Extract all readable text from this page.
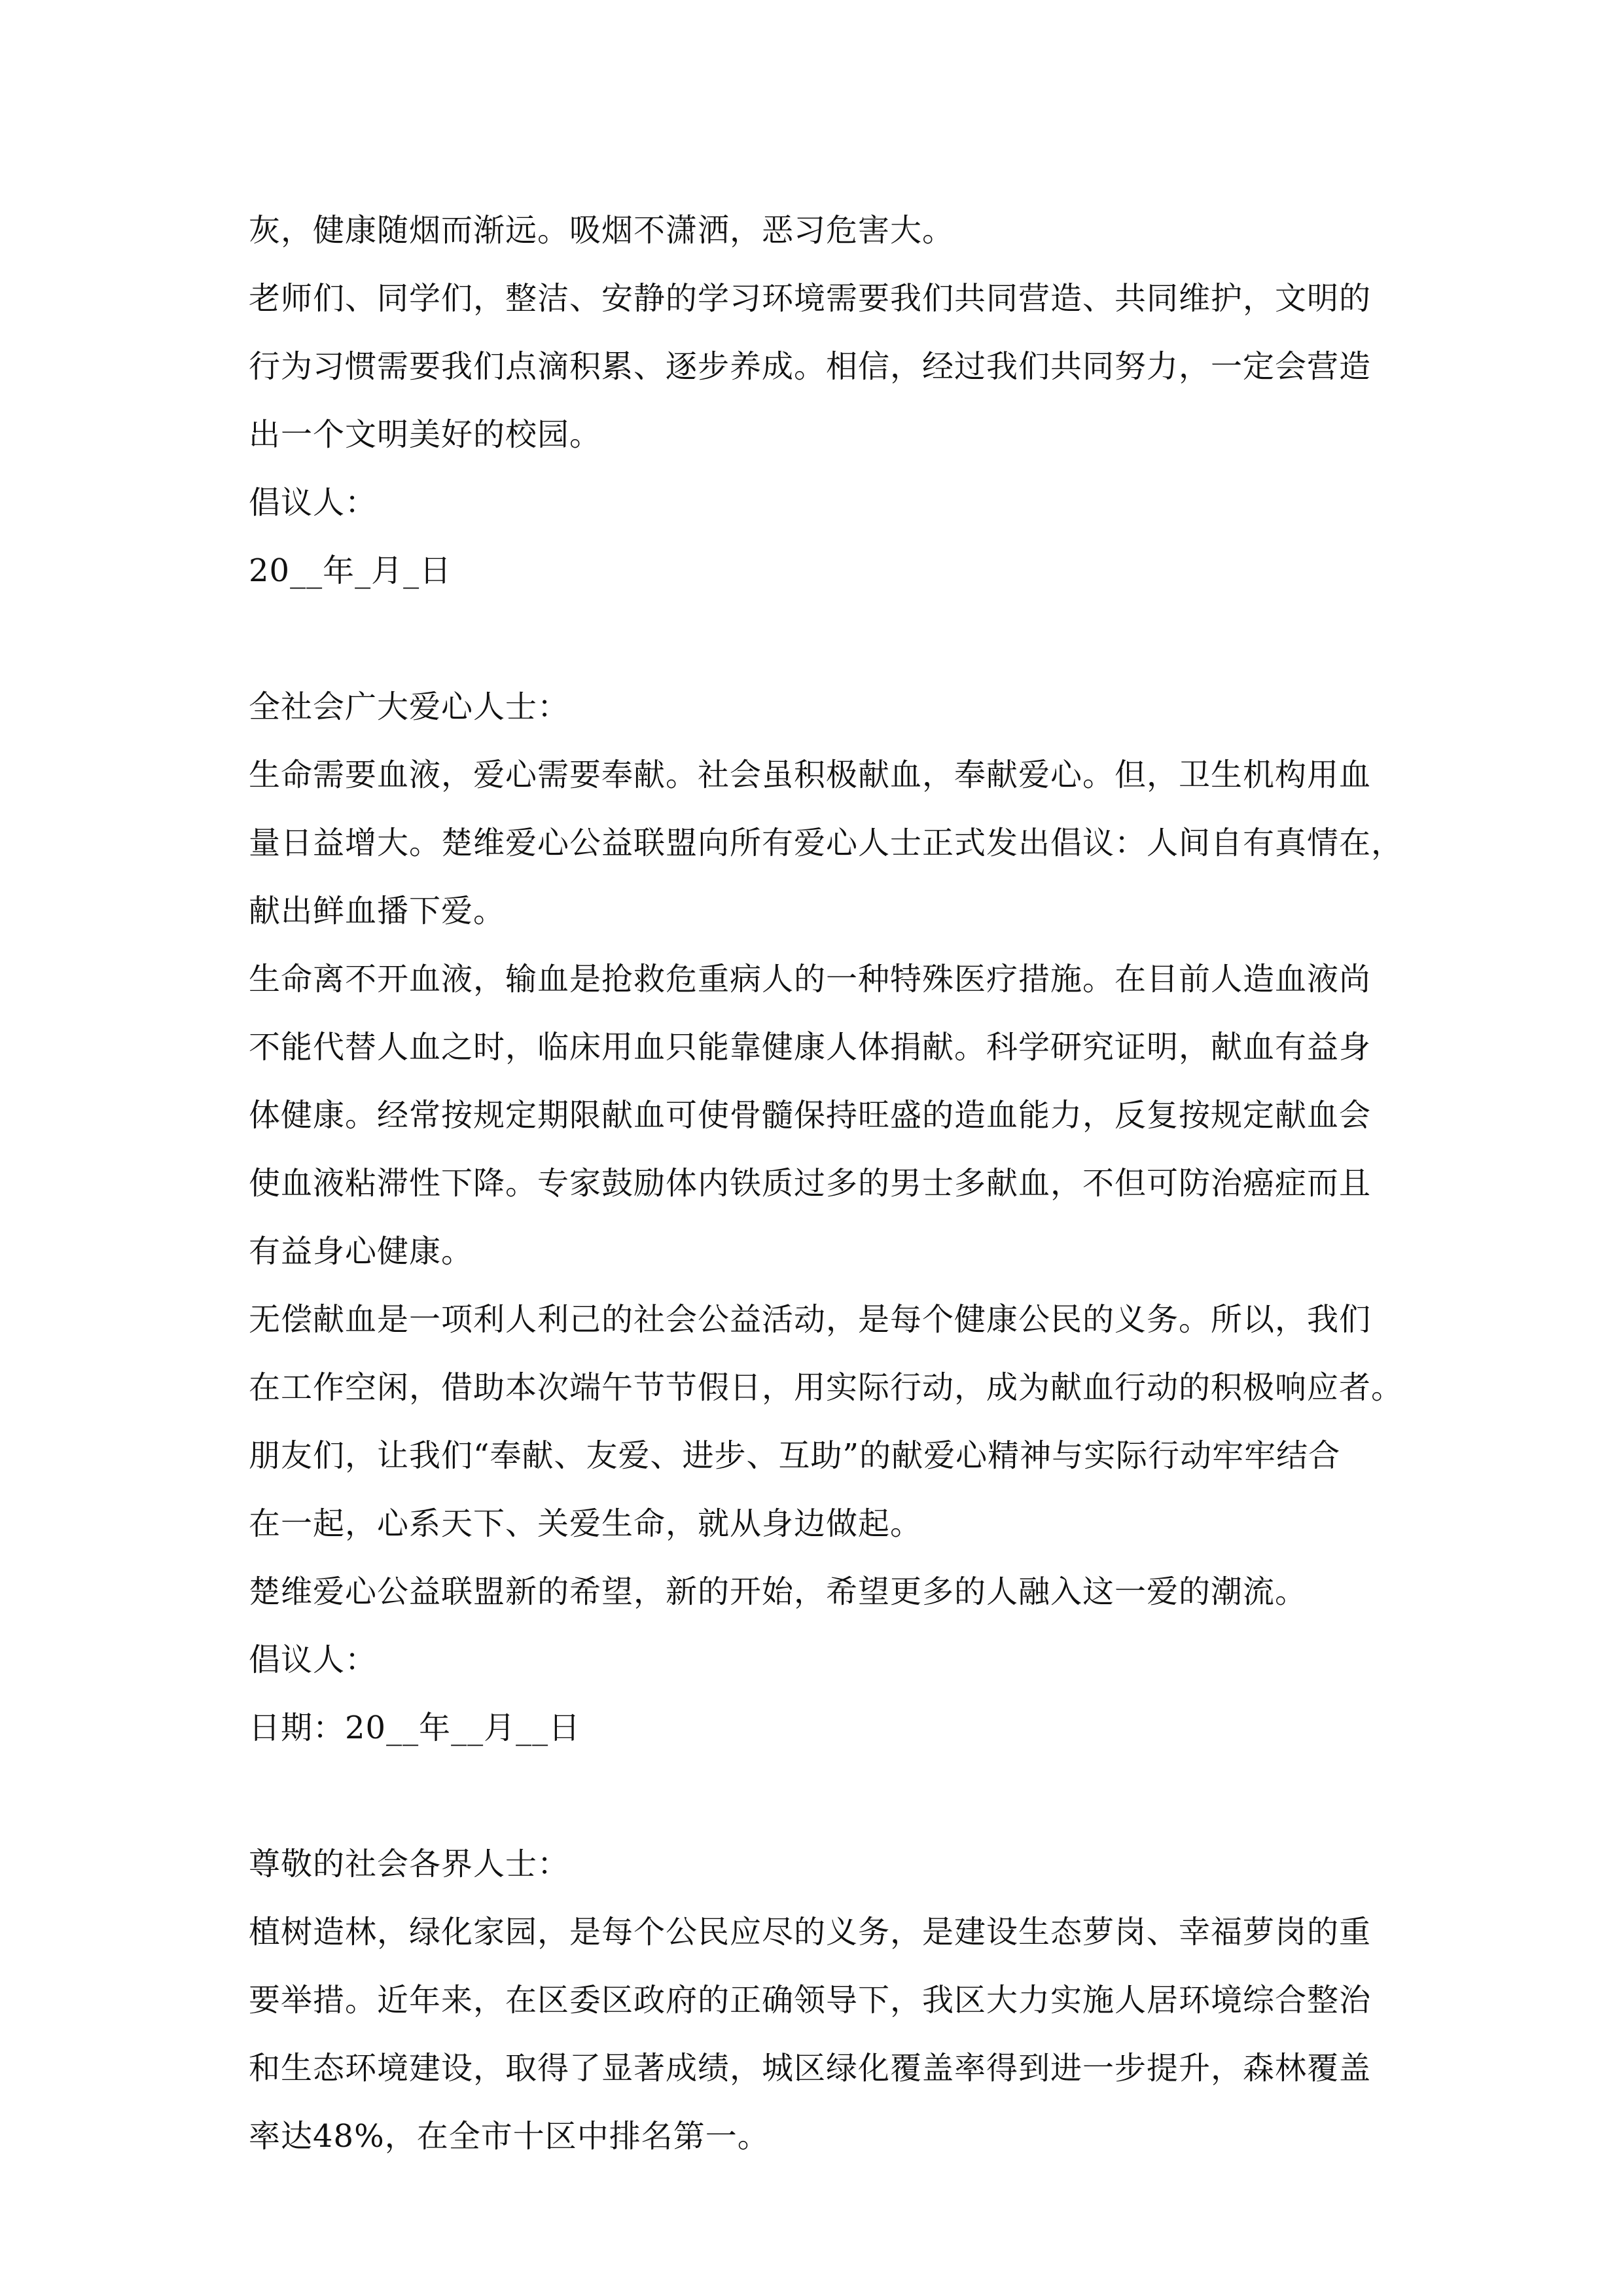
灰，健康随烟而渐远。吸烟不潇洒，恶习危害大。

老师们、同学们，整洁、安静的学习环境需要我们共同营造、共同维护，文明的

行为习惯需要我们点滴积累、逐步养成。相信，经过我们共同努力，一定会营造

出一个文明美好的校园。

倡议人：

20__年_月_日

全社会广大爱心人士：

生命需要血液，爱心需要奉献。社会虽积极献血，奉献爱心。但，卫生机构用血

量日益增大。楚维爱心公益联盟向所有爱心人士正式发出倡议：人间自有真情在，

献出鲜血播下爱。

生命离不开血液，输血是抢救危重病人的一种特殊医疗措施。在目前人造血液尚

不能代替人血之时，临床用血只能靠健康人体捐献。科学研究证明，献血有益身

体健康。经常按规定期限献血可使骨髓保持旺盛的造血能力，反复按规定献血会

使血液粘滞性下降。专家鼓励体内铁质过多的男士多献血，不但可防治癌症而且

有益身心健康。

无偿献血是一项利人利己的社会公益活动，是每个健康公民的义务。所以，我们

在工作空闲，借助本次端午节节假日，用实际行动，成为献血行动的积极响应者。

朋友们，让我们“奉献、友爱、进步、互助”的献爱心精神与实际行动牢牢结合

在一起，心系天下、关爱生命，就从身边做起。

楚维爱心公益联盟新的希望，新的开始，希望更多的人融入这一爱的潮流。

倡议人：

日期：20__年__月__日

尊敬的社会各界人士：

植树造林，绿化家园，是每个公民应尽的义务，是建设生态萝岗、幸福萝岗的重

要举措。近年来，在区委区政府的正确领导下，我区大力实施人居环境综合整治

和生态环境建设，取得了显著成绩，城区绿化覆盖率得到进一步提升，森林覆盖

率达48%，在全市十区中排名第一。
